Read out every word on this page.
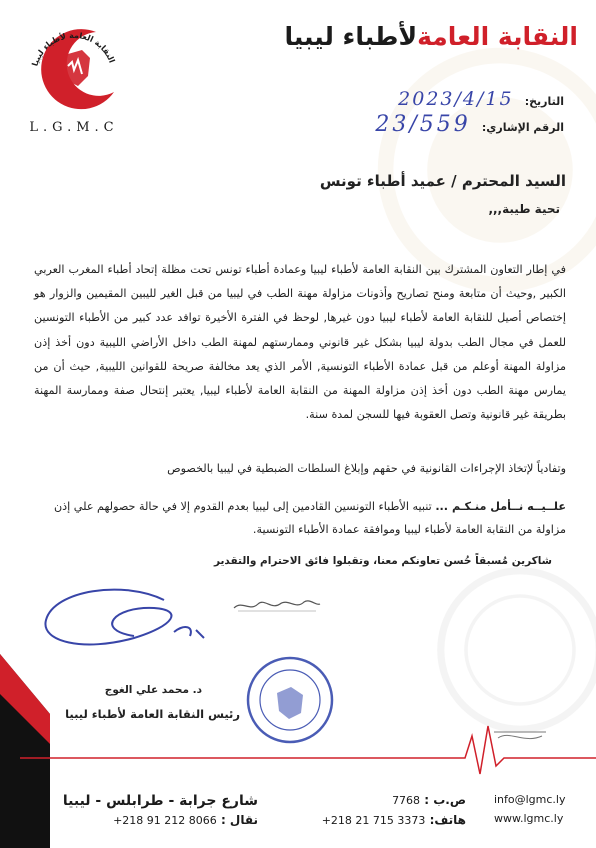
النقابة العامةلأطباء ليبيا
النقابة العامة لأطباء ليبيا
L.G.M.C
التاريخ: 2023/4/15
الرقم الإشاري: 23/559
السيد المحترم / عميد أطباء تونس
تحية طيبة,,,
في إطار التعاون المشترك بين النقابة العامة لأطباء ليبيا وعمادة أطباء تونس تحت مظلة إتحاد أطباء المغرب العربي الكبير ,وحيث أن متابعة ومنح تصاريح وأذونات مزاولة مهنة الطب في ليبيا من قبل الغير لليبين المقيمين والزوار هو إختصاص أصيل للنقابة العامة لأطباء ليبيا دون غيرها, لوحظ في الفترة الأخيرة توافد عدد كبير من الأطباء التونسين للعمل في مجال الطب بدولة ليبيا بشكل غير قانوني وممارستهم لمهنة الطب داخل الأراضي الليبية دون أخذ إذن مزاولة المهنة أوعلم من قبل عمادة الأطباء التونسية, الأمر الذي يعد مخالفة صريحة للقوانين الليبية, حيث أن من يمارس مهنة الطب دون أخذ إذن مزاولة المهنة من النقابة العامة لأطباء ليبيا, يعتبر إنتحال صفة وممارسة المهنة بطريقة غير قانونية وتصل العقوبة فيها للسجن لمدة سنة.
وتفادياً لإتخاذ الإجراءات القانونية في حقهم وإبلاغ السلطات الضبطية في ليبيا بالخصوص
علــيــه نــأمل منـكـم ... تنبيه الأطباء التونسين القادمين إلى ليبيا بعدم القدوم إلا في حالة حصولهم علي إذن مزاولة من النقابة العامة لأطباء ليبيا وموافقة عمادة الأطباء التونسية.
شاكرين مُسبقاً حُسن تعاونكم معنا، وتقبلوا فائق الاحترام والتقدير
د. محمد علي الغوج
رئيس النقابة العامة لأطباء ليبيا
شارع جرابة - طرابلس - ليبيا
نقال : +218 91 212 8066
ص.ب : 7768
هاتف: +218 21 715 3373
info@lgmc.ly
www.lgmc.ly
